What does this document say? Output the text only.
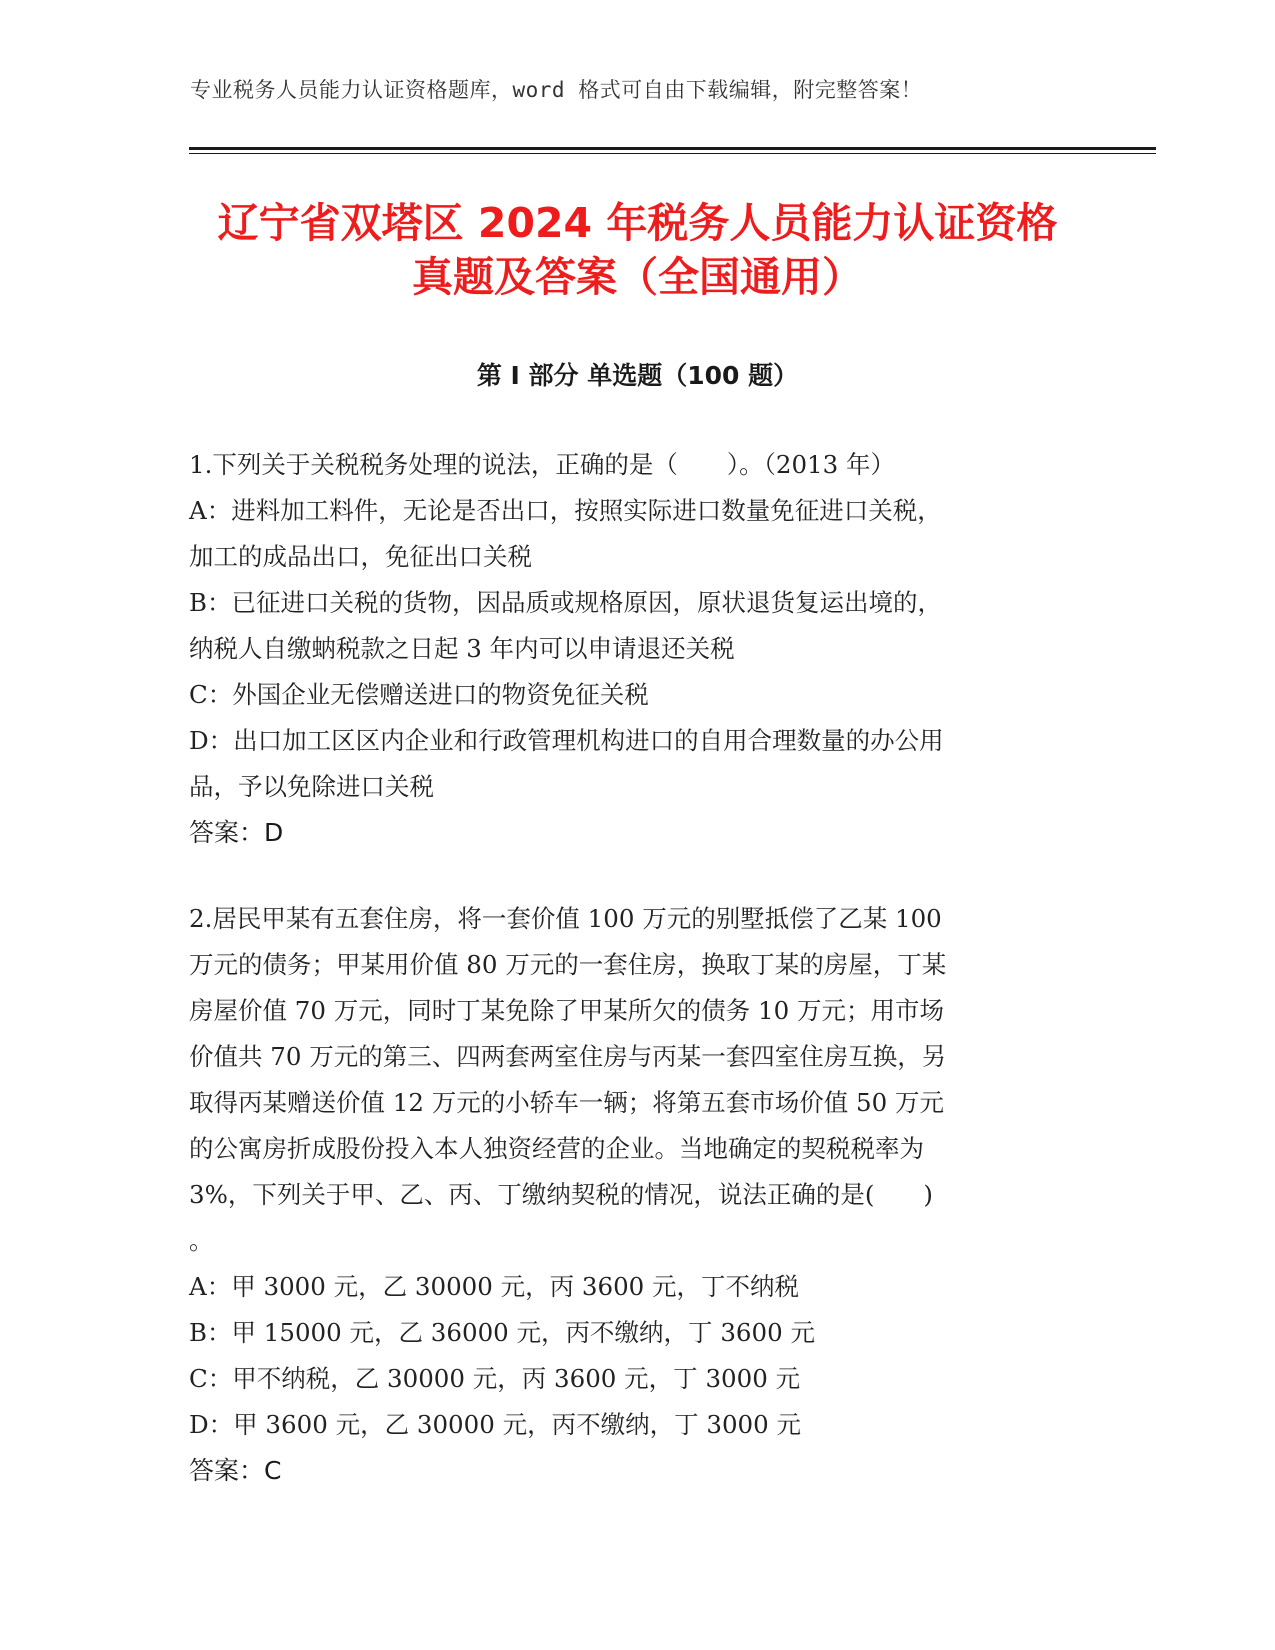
专业税务人员能力认证资格题库，word 格式可自由下载编辑，附完整答案！
辽宁省双塔区 2024 年税务人员能力认证资格
真题及答案（全国通用）
第 I 部分 单选题（100 题）
1.下列关于关税税务处理的说法，正确的是（　　）。（2013 年）
A：进料加工料件，无论是否出口，按照实际进口数量免征进口关税，
加工的成品出口，免征出口关税
B：已征进口关税的货物，因品质或规格原因，原状退货复运出境的，
纳税人自缴蚋税款之日起 3 年内可以申请退还关税
C：外国企业无偿赠送进口的物资免征关税
D：出口加工区区内企业和行政管理机构进口的自用合理数量的办公用
品，予以免除进口关税
答案：D
2.居民甲某有五套住房，将一套价值 100 万元的别墅抵偿了乙某 100
万元的债务；甲某用价值 80 万元的一套住房，换取丁某的房屋，丁某
房屋价值 70 万元，同时丁某免除了甲某所欠的债务 10 万元；用市场
价值共 70 万元的第三、四两套两室住房与丙某一套四室住房互换，另
取得丙某赠送价值 12 万元的小轿车一辆；将第五套市场价值 50 万元
的公寓房折成股份投入本人独资经营的企业。当地确定的契税税率为
3%，下列关于甲、乙、丙、丁缴纳契税的情况，说法正确的是(　　)
。
A：甲 3000 元，乙 30000 元，丙 3600 元，丁不纳税
B：甲 15000 元，乙 36000 元，丙不缴纳，丁 3600 元
C：甲不纳税，乙 30000 元，丙 3600 元，丁 3000 元
D：甲 3600 元，乙 30000 元，丙不缴纳，丁 3000 元
答案：C
